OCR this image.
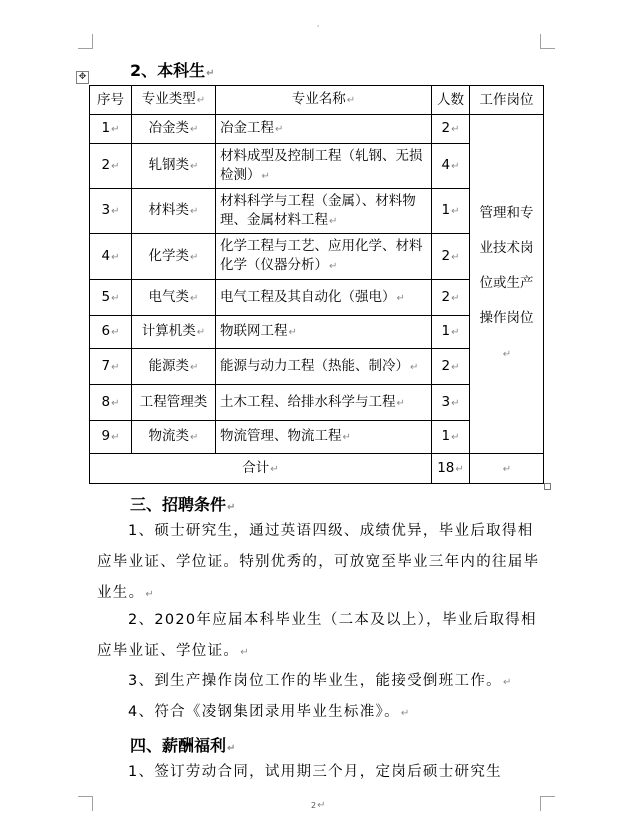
'
✥	2、本科生↵
序号	专业类型↵	专业名称↵	人数	工作岗位
1↵	冶金类↵	冶金工程↵	2↵	管理和专业技术岗位或生产操作岗位↵
2↵	轧钢类↵	材料成型及控制工程（轧钢、无损检测）↵	4↵	
3↵	材料类↵	材料科学与工程（金属）、材料物理、金属材料工程↵	1↵	
4↵	化学类↵	化学工程与工艺、应用化学、材料化学（仪器分析）↵	2↵	
5↵	电气类↵	电气工程及其自动化（强电）↵	2↵	
6↵	计算机类↵	物联网工程↵	1↵	
7↵	能源类↵	能源与动力工程（热能、制冷）↵	2↵	
8↵	工程管理类	土木工程、给排水科学与工程↵	3↵	
9↵	物流类↵	物流管理、物流工程↵	1↵	
合计↵			18↵	↵
三、招聘条件↵
1、硕士研究生，通过英语四级、成绩优异，毕业后取得相应毕业证、学位证。特别优秀的，可放宽至毕业三年内的往届毕业生。↵
2、2020年应届本科毕业生（二本及以上），毕业后取得相应毕业证、学位证。↵
3、到生产操作岗位工作的毕业生，能接受倒班工作。↵
4、符合《凌钢集团录用毕业生标准》。↵
四、薪酬福利↵
1、签订劳动合同，试用期三个月，定岗后硕士研究生
2↵
